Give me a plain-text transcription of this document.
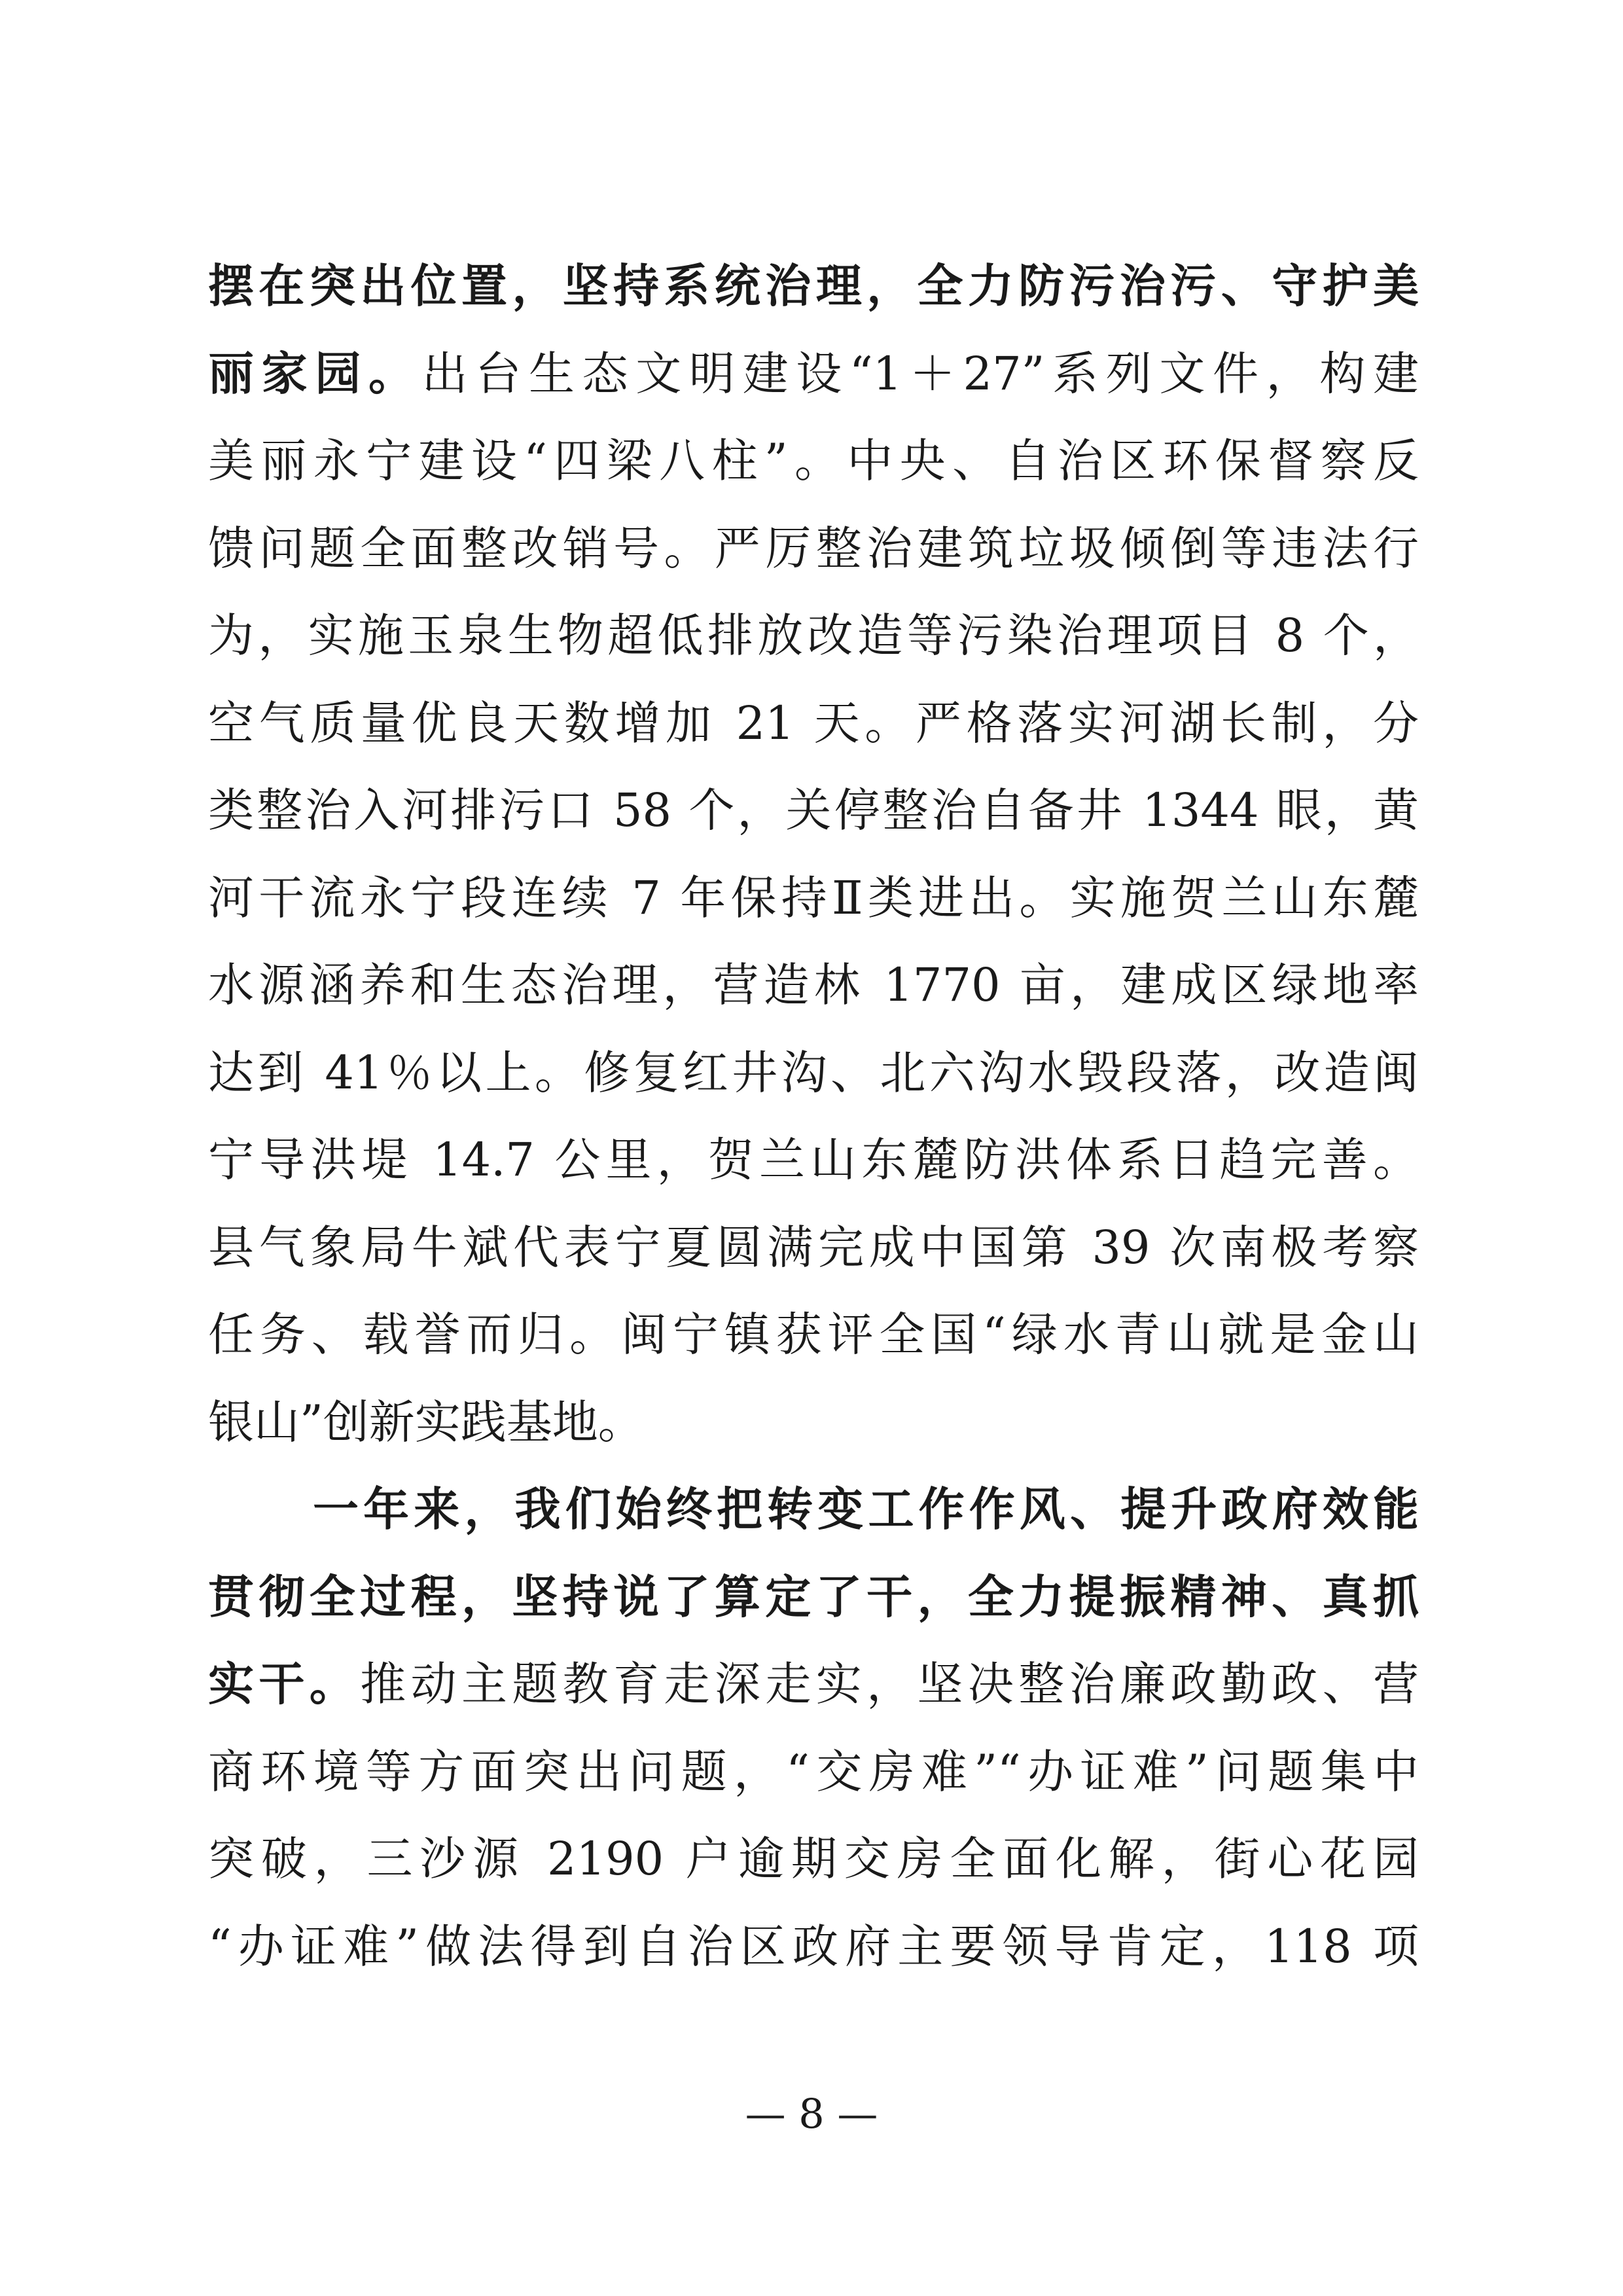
摆在突出位置，坚持系统治理，全力防污治污、守护美
丽家园。出台生态文明建设“1＋27”系列文件，构建
美丽永宁建设“四梁八柱”。中央、自治区环保督察反
馈问题全面整改销号。严厉整治建筑垃圾倾倒等违法行
为，实施玉泉生物超低排放改造等污染治理项目 8 个，
空气质量优良天数增加 21 天。严格落实河湖长制，分
类整治入河排污口 58 个，关停整治自备井 1344 眼，黄
河干流永宁段连续 7 年保持Ⅱ类进出。实施贺兰山东麓
水源涵养和生态治理，营造林 1770 亩，建成区绿地率
达到 41％以上。修复红井沟、北六沟水毁段落，改造闽
宁导洪堤 14.7 公里，贺兰山东麓防洪体系日趋完善。
县气象局牛斌代表宁夏圆满完成中国第 39 次南极考察
任务、载誉而归。闽宁镇获评全国“绿水青山就是金山
银山”创新实践基地。
一年来，我们始终把转变工作作风、提升政府效能
贯彻全过程，坚持说了算定了干，全力提振精神、真抓
实干。推动主题教育走深走实，坚决整治廉政勤政、营
商环境等方面突出问题，“交房难”“办证难”问题集中
突破，三沙源 2190 户逾期交房全面化解，街心花园
“办证难”做法得到自治区政府主要领导肯定，118 项
— 8 —
